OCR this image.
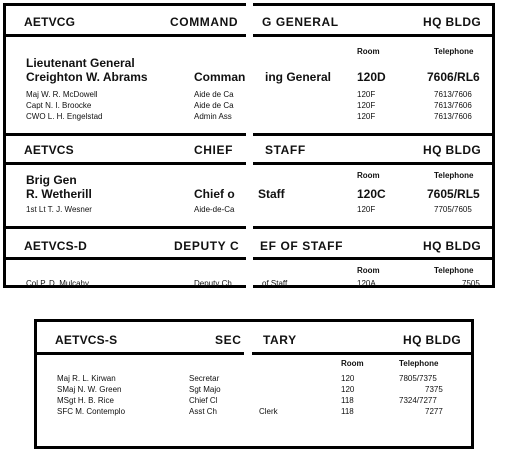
AETVCG	COMMAND G GENERAL	HQ BLDG
Room	Telephone
Lieutenant General
Creighton W. Abrams	Comman ing General 120D	7606/RL6
Maj W. R. McDowell	Aide de Ca	120F	7613/7606
Capt N. I. Broocke	Aide de Ca	120F	7613/7606
CWO L. H. Engelstad	Admin Ass	120F	7613/7606
AETVCS	CHIEF	STAFF	HQ BLDG
Room	Telephone
Brig Gen
R. Wetherill	Chief o Staff	120C	7605/RL5
1st Lt T. J. Wesner	Aide-de-Ca	120F	7705/7605
AETVCS-D	DEPUTY C EF OF STAFF	HQ BLDG
Room	Telephone
Col P. D. Mulcahy	Deputy Ch	of Staff	120A	7505
AETVCS-S	SEC TARY	HQ BLDG
Room	Telephone
Maj R. L. Kirwan	Secretar	120	7805/7375
SMaj N. W. Green	Sgt Majo	120	7375
MSgt H. B. Rice	Chief Cl	118	7324/7277
SFC M. Contemplo	Asst Ch	Clerk	118	7277
